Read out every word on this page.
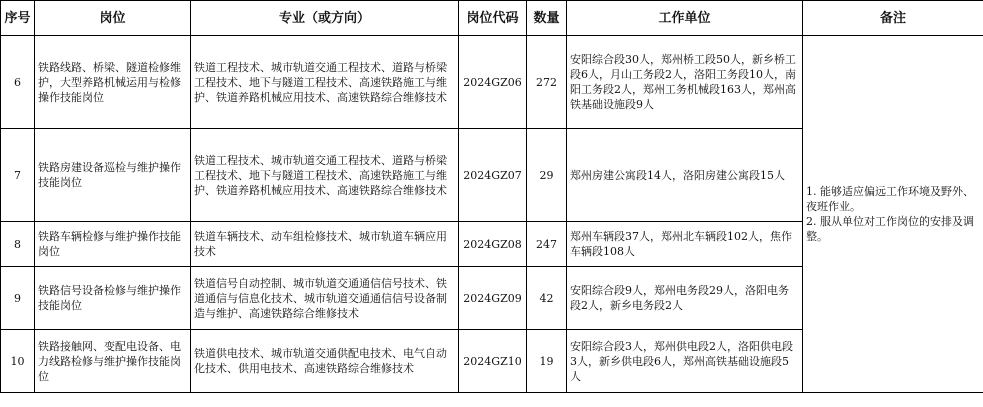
序号	岗位	专业（或方向）	岗位代码	数量	工作单位	备注
6	铁路线路、桥梁、隧道检修维护，大型养路机械运用与检修操作技能岗位	铁道工程技术、城市轨道交通工程技术、道路与桥梁工程技术、地下与隧道工程技术、高速铁路施工与维护、铁道养路机械应用技术、高速铁路综合维修技术	2024GZ06	272	安阳综合段30人，郑州桥工段50人，新乡桥工段6人，月山工务段2人，洛阳工务段10人，南阳工务段2人，郑州工务机械段163人，郑州高铁基础设施段9人	1. 能够适应偏远工作环境及野外、夜班作业。
2. 服从单位对工作岗位的安排及调整。

7	铁路房建设备巡检与维护操作技能岗位	铁道工程技术、城市轨道交通工程技术、道路与桥梁工程技术、地下与隧道工程技术、高速铁路施工与维护、铁道养路机械应用技术、高速铁路综合维修技术	2024GZ07	29	郑州房建公寓段14人，洛阳房建公寓段15人	
8	铁路车辆检修与维护操作技能岗位	铁道车辆技术、动车组检修技术、城市轨道车辆应用技术	2024GZ08	247	郑州车辆段37人，郑州北车辆段102人，焦作车辆段108人	
9	铁路信号设备检修与维护操作技能岗位	铁道信号自动控制、城市轨道交通通信信号技术、铁道通信与信息化技术、城市轨道交通通信信号设备制造与维护、高速铁路综合维修技术	2024GZ09	42	安阳综合段9人，郑州电务段29人，洛阳电务段2人，新乡电务段2人	
10	铁路接触网、变配电设备、电力线路检修与维护操作技能岗位	铁道供电技术、城市轨道交通供配电技术、电气自动化技术、供用电技术、高速铁路综合维修技术	2024GZ10	19	安阳综合段3人，郑州供电段2人，洛阳供电段3人，新乡供电段6人，郑州高铁基础设施段5人	
